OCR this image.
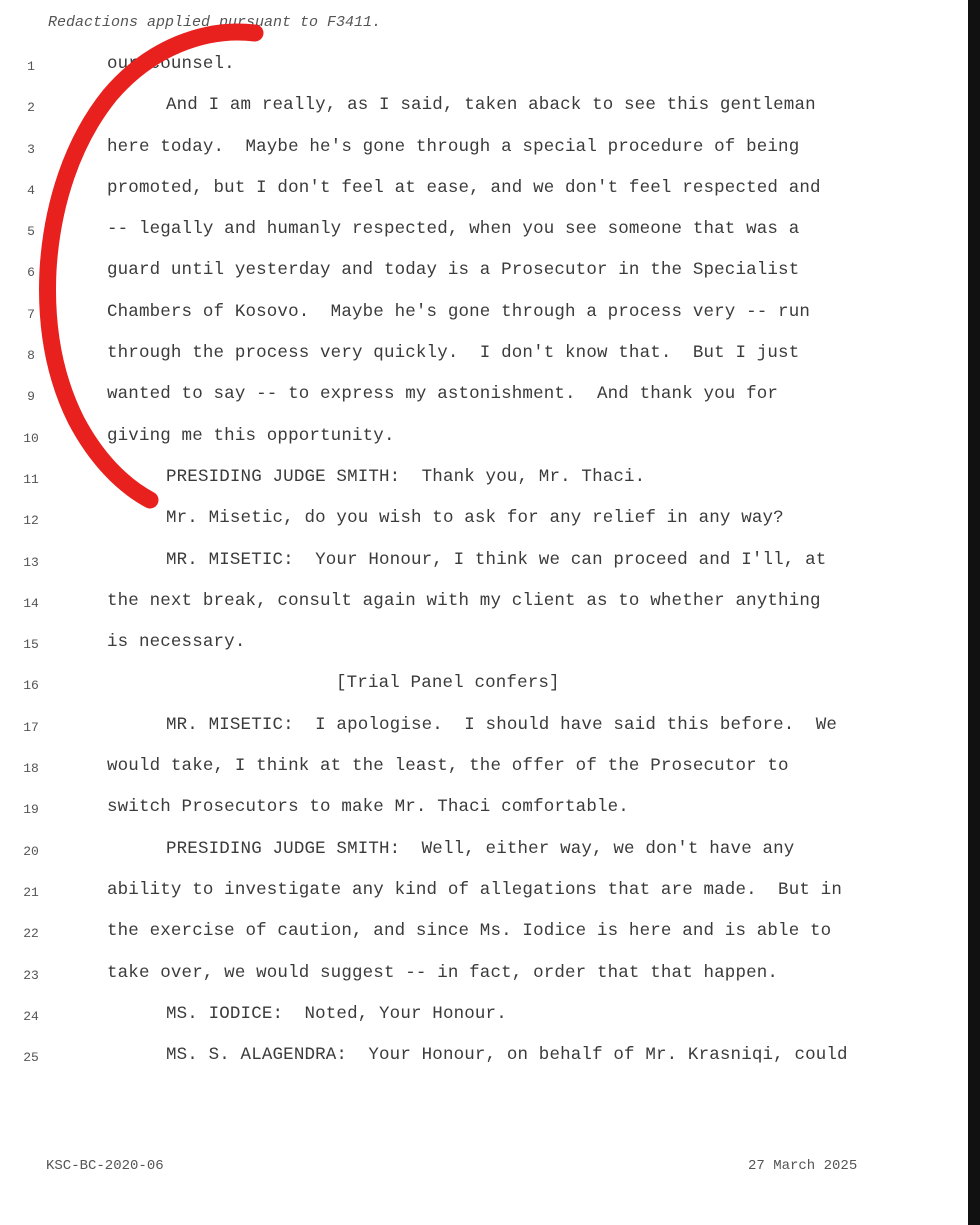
Redactions applied pursuant to F3411.
1	our counsel.
2	And I am really, as I said, taken aback to see this gentleman
3	here today.  Maybe he's gone through a special procedure of being
4	promoted, but I don't feel at ease, and we don't feel respected and
5	-- legally and humanly respected, when you see someone that was a
6	guard until yesterday and today is a Prosecutor in the Specialist
7	Chambers of Kosovo.  Maybe he's gone through a process very -- run
8	through the process very quickly.  I don't know that.  But I just
9	wanted to say -- to express my astonishment.  And thank you for
10	giving me this opportunity.
11	PRESIDING JUDGE SMITH:  Thank you, Mr. Thaci.
12	Mr. Misetic, do you wish to ask for any relief in any way?
13	MR. MISETIC:  Your Honour, I think we can proceed and I'll, at
14	the next break, consult again with my client as to whether anything
15	is necessary.
16	[Trial Panel confers]
17	MR. MISETIC:  I apologise.  I should have said this before.  We
18	would take, I think at the least, the offer of the Prosecutor to
19	switch Prosecutors to make Mr. Thaci comfortable.
20	PRESIDING JUDGE SMITH:  Well, either way, we don't have any
21	ability to investigate any kind of allegations that are made.  But in
22	the exercise of caution, and since Ms. Iodice is here and is able to
23	take over, we would suggest -- in fact, order that that happen.
24	MS. IODICE:  Noted, Your Honour.
25	MS. S. ALAGENDRA:  Your Honour, on behalf of Mr. Krasniqi, could
KSC-BC-2020-06	27 March 2025
